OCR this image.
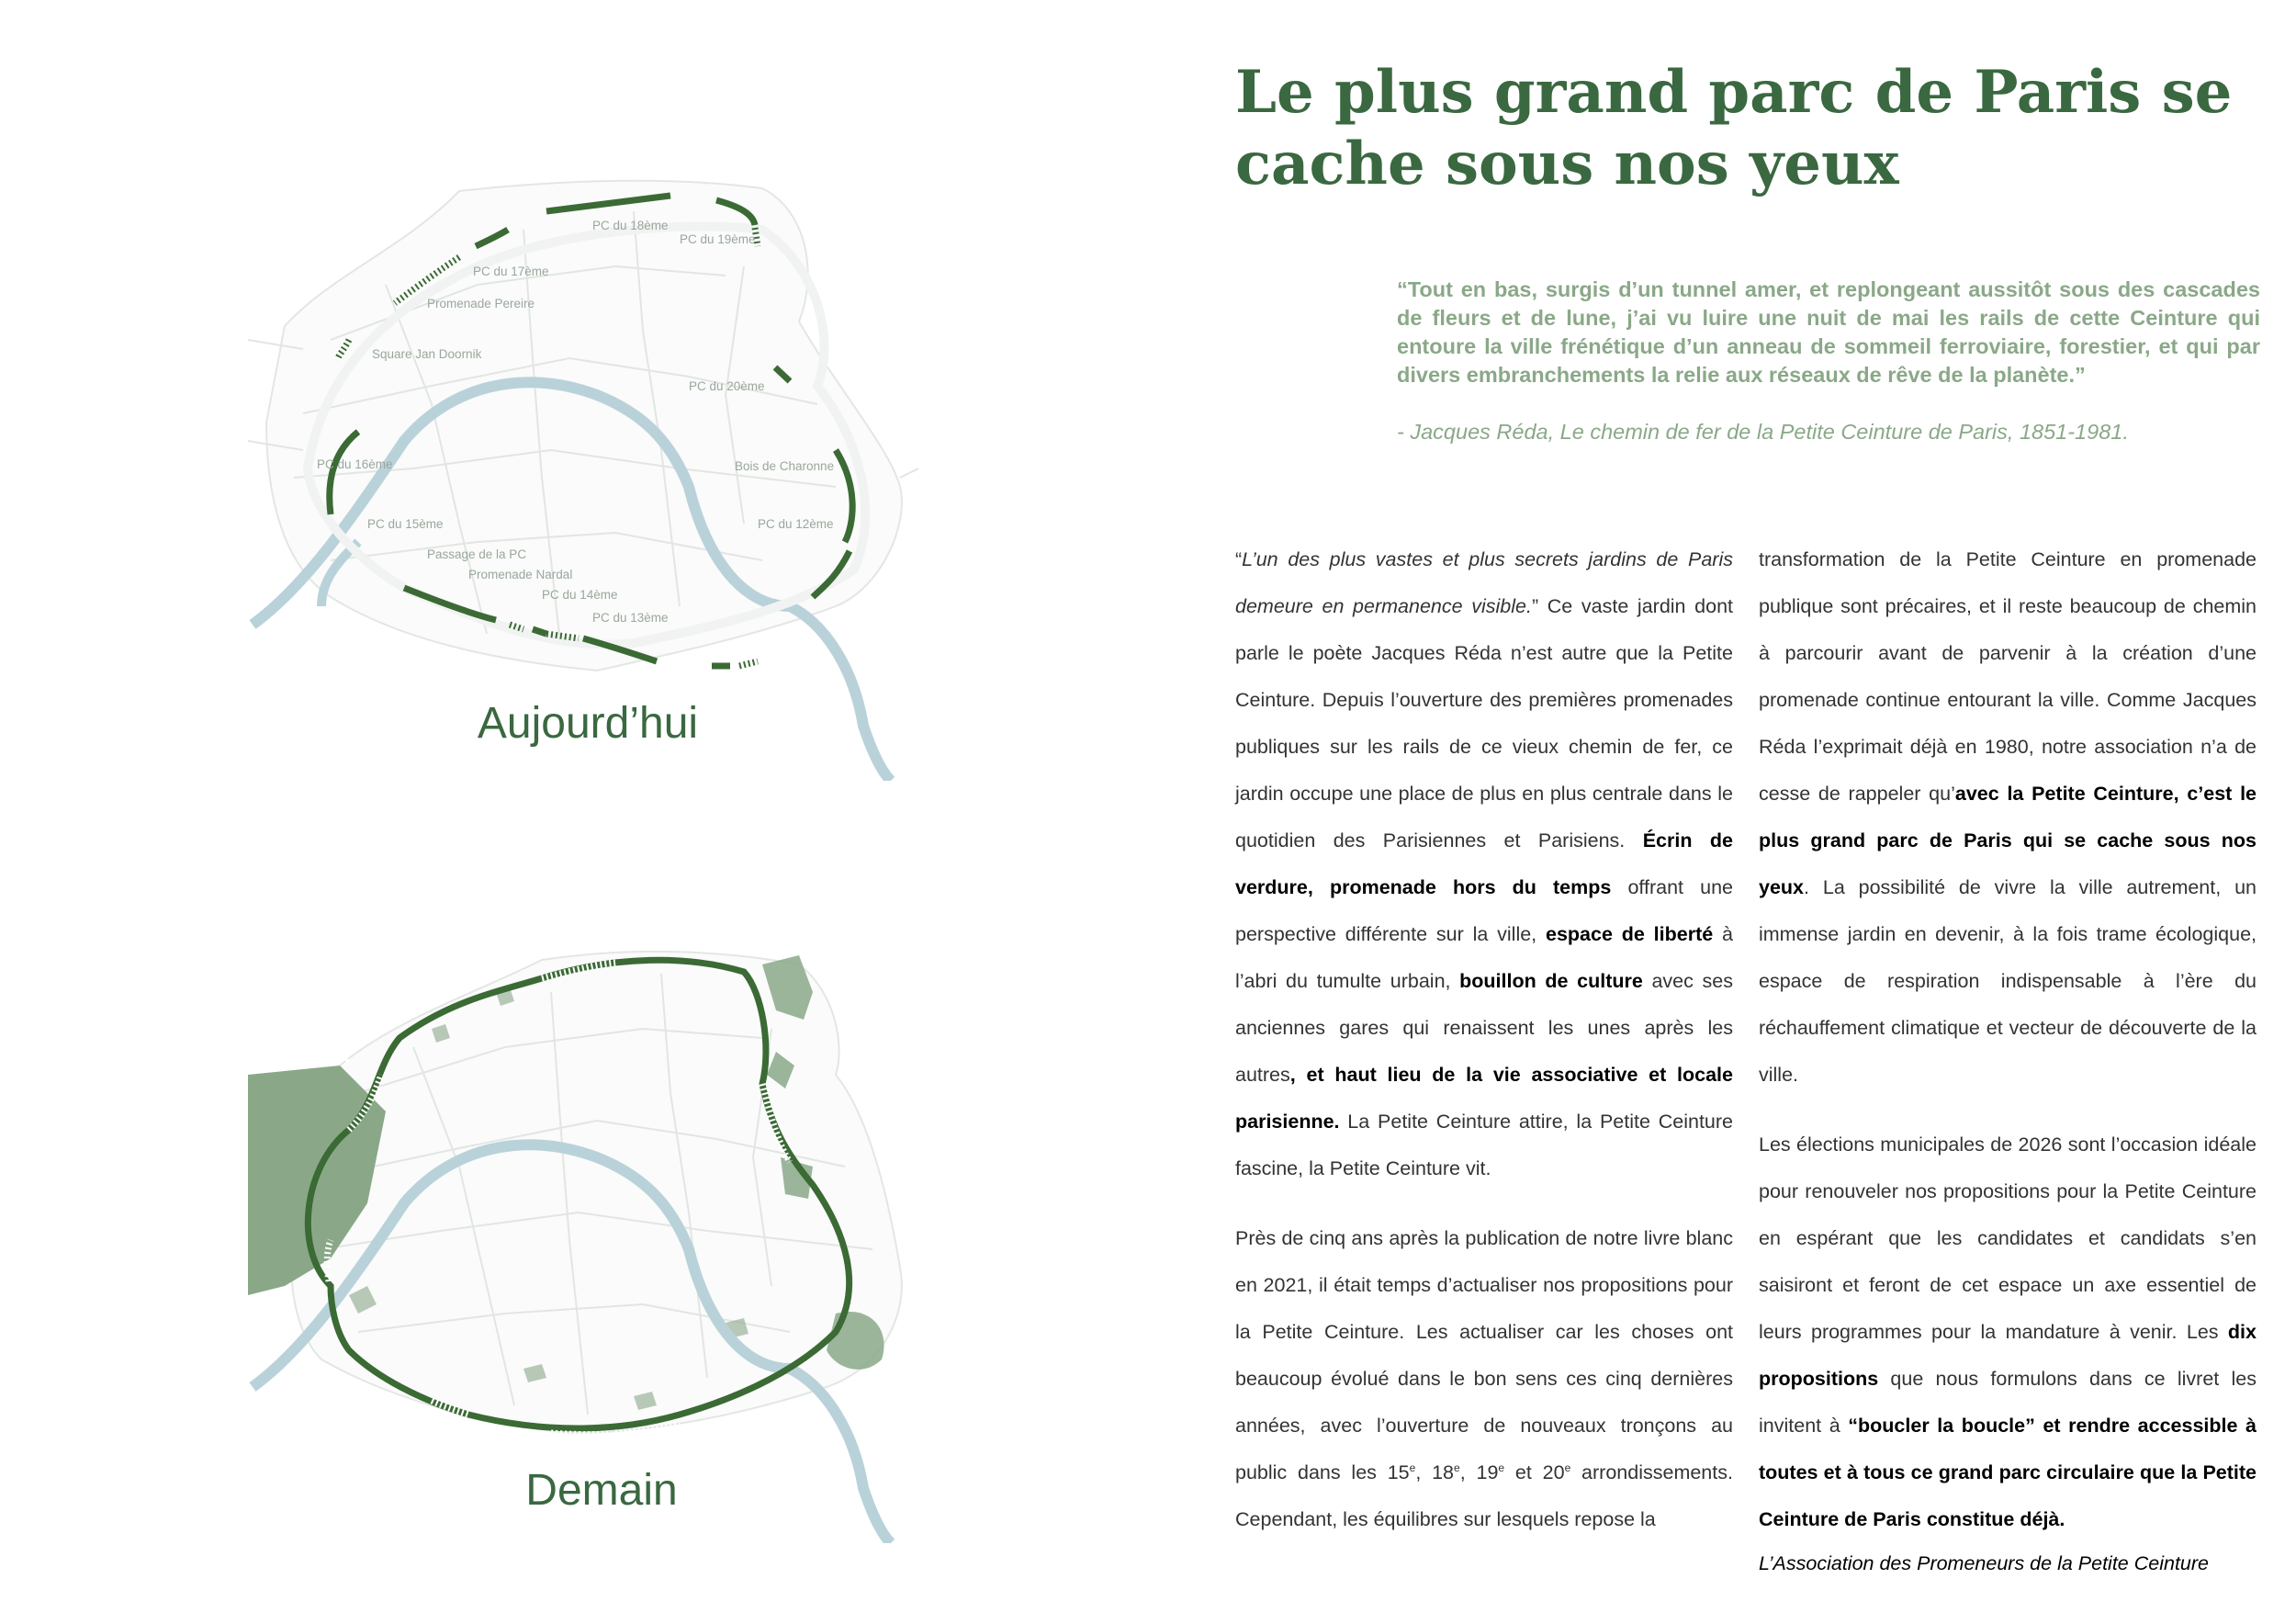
PC du 18ème
PC du 19ème
PC du 17ème
Promenade Pereire
Square Jan Doornik
PC du 20ème
PC du 16ème	Bois de Charonne
PC du 12ème
PC du 15ème
Passage de la PC
Promenade Nardal
PC du 14ème
PC du 13ème
Aujourd’hui
Demain
Le plus grand parc de Paris se cache sous nos yeux
“Tout en bas, surgis d’un tunnel amer, et replongeant aussitôt sous des cascades de fleurs et de lune, j’ai vu luire une nuit de mai les rails de cette Ceinture qui entoure la ville frénétique d’un anneau de sommeil ferroviaire, forestier, et qui par divers embranchements la relie aux réseaux de rêve de la planète.”
- Jacques Réda, Le chemin de fer de la Petite Ceinture de Paris, 1851-1981.

“L’un des plus vastes et plus secrets jardins de Paris demeure en permanence visible.” Ce vaste jardin dont parle le poète Jacques Réda n’est autre que la Petite Ceinture. Depuis l’ouverture des premières promenades publiques sur les rails de ce vieux chemin de fer, ce jardin occupe une place de plus en plus centrale dans le quotidien des Parisiennes et Parisiens. Écrin de verdure, promenade hors du temps offrant une perspective différente sur la ville, espace de liberté à l’abri du tumulte urbain, bouillon de culture avec ses anciennes gares qui renaissent les unes après les autres, et haut lieu de la vie associative et locale parisienne. La Petite Ceinture attire, la Petite Ceinture fascine, la Petite Ceinture vit.

Près de cinq ans après la publication de notre livre blanc en 2021, il était temps d’actualiser nos propositions pour la Petite Ceinture. Les actualiser car les choses ont beaucoup évolué dans le bon sens ces cinq dernières années, avec l’ouverture de nouveaux tronçons au public dans les 15e, 18e, 19e et 20e arrondissements. Cependant, les équilibres sur lesquels repose la

transformation de la Petite Ceinture en promenade publique sont précaires, et il reste beaucoup de chemin à parcourir avant de parvenir à la création d’une promenade continue entourant la ville. Comme Jacques Réda l’exprimait déjà en 1980, notre association n’a de cesse de rappeler qu’avec la Petite Ceinture, c’est le plus grand parc de Paris qui se cache sous nos yeux. La possibilité de vivre la ville autrement, un immense jardin en devenir, à la fois trame écologique, espace de respiration indispensable à l’ère du réchauffement climatique et vecteur de découverte de la ville.

Les élections municipales de 2026 sont l’occasion idéale pour renouveler nos propositions pour la Petite Ceinture en espérant que les candidates et candidats s’en saisiront et feront de cet espace un axe essentiel de leurs programmes pour la mandature à venir. Les dix propositions que nous formulons dans ce livret les invitent à “boucler la boucle” et rendre accessible à toutes et à tous ce grand parc circulaire que la Petite Ceinture de Paris constitue déjà.

L’Association des Promeneurs de la Petite Ceinture
